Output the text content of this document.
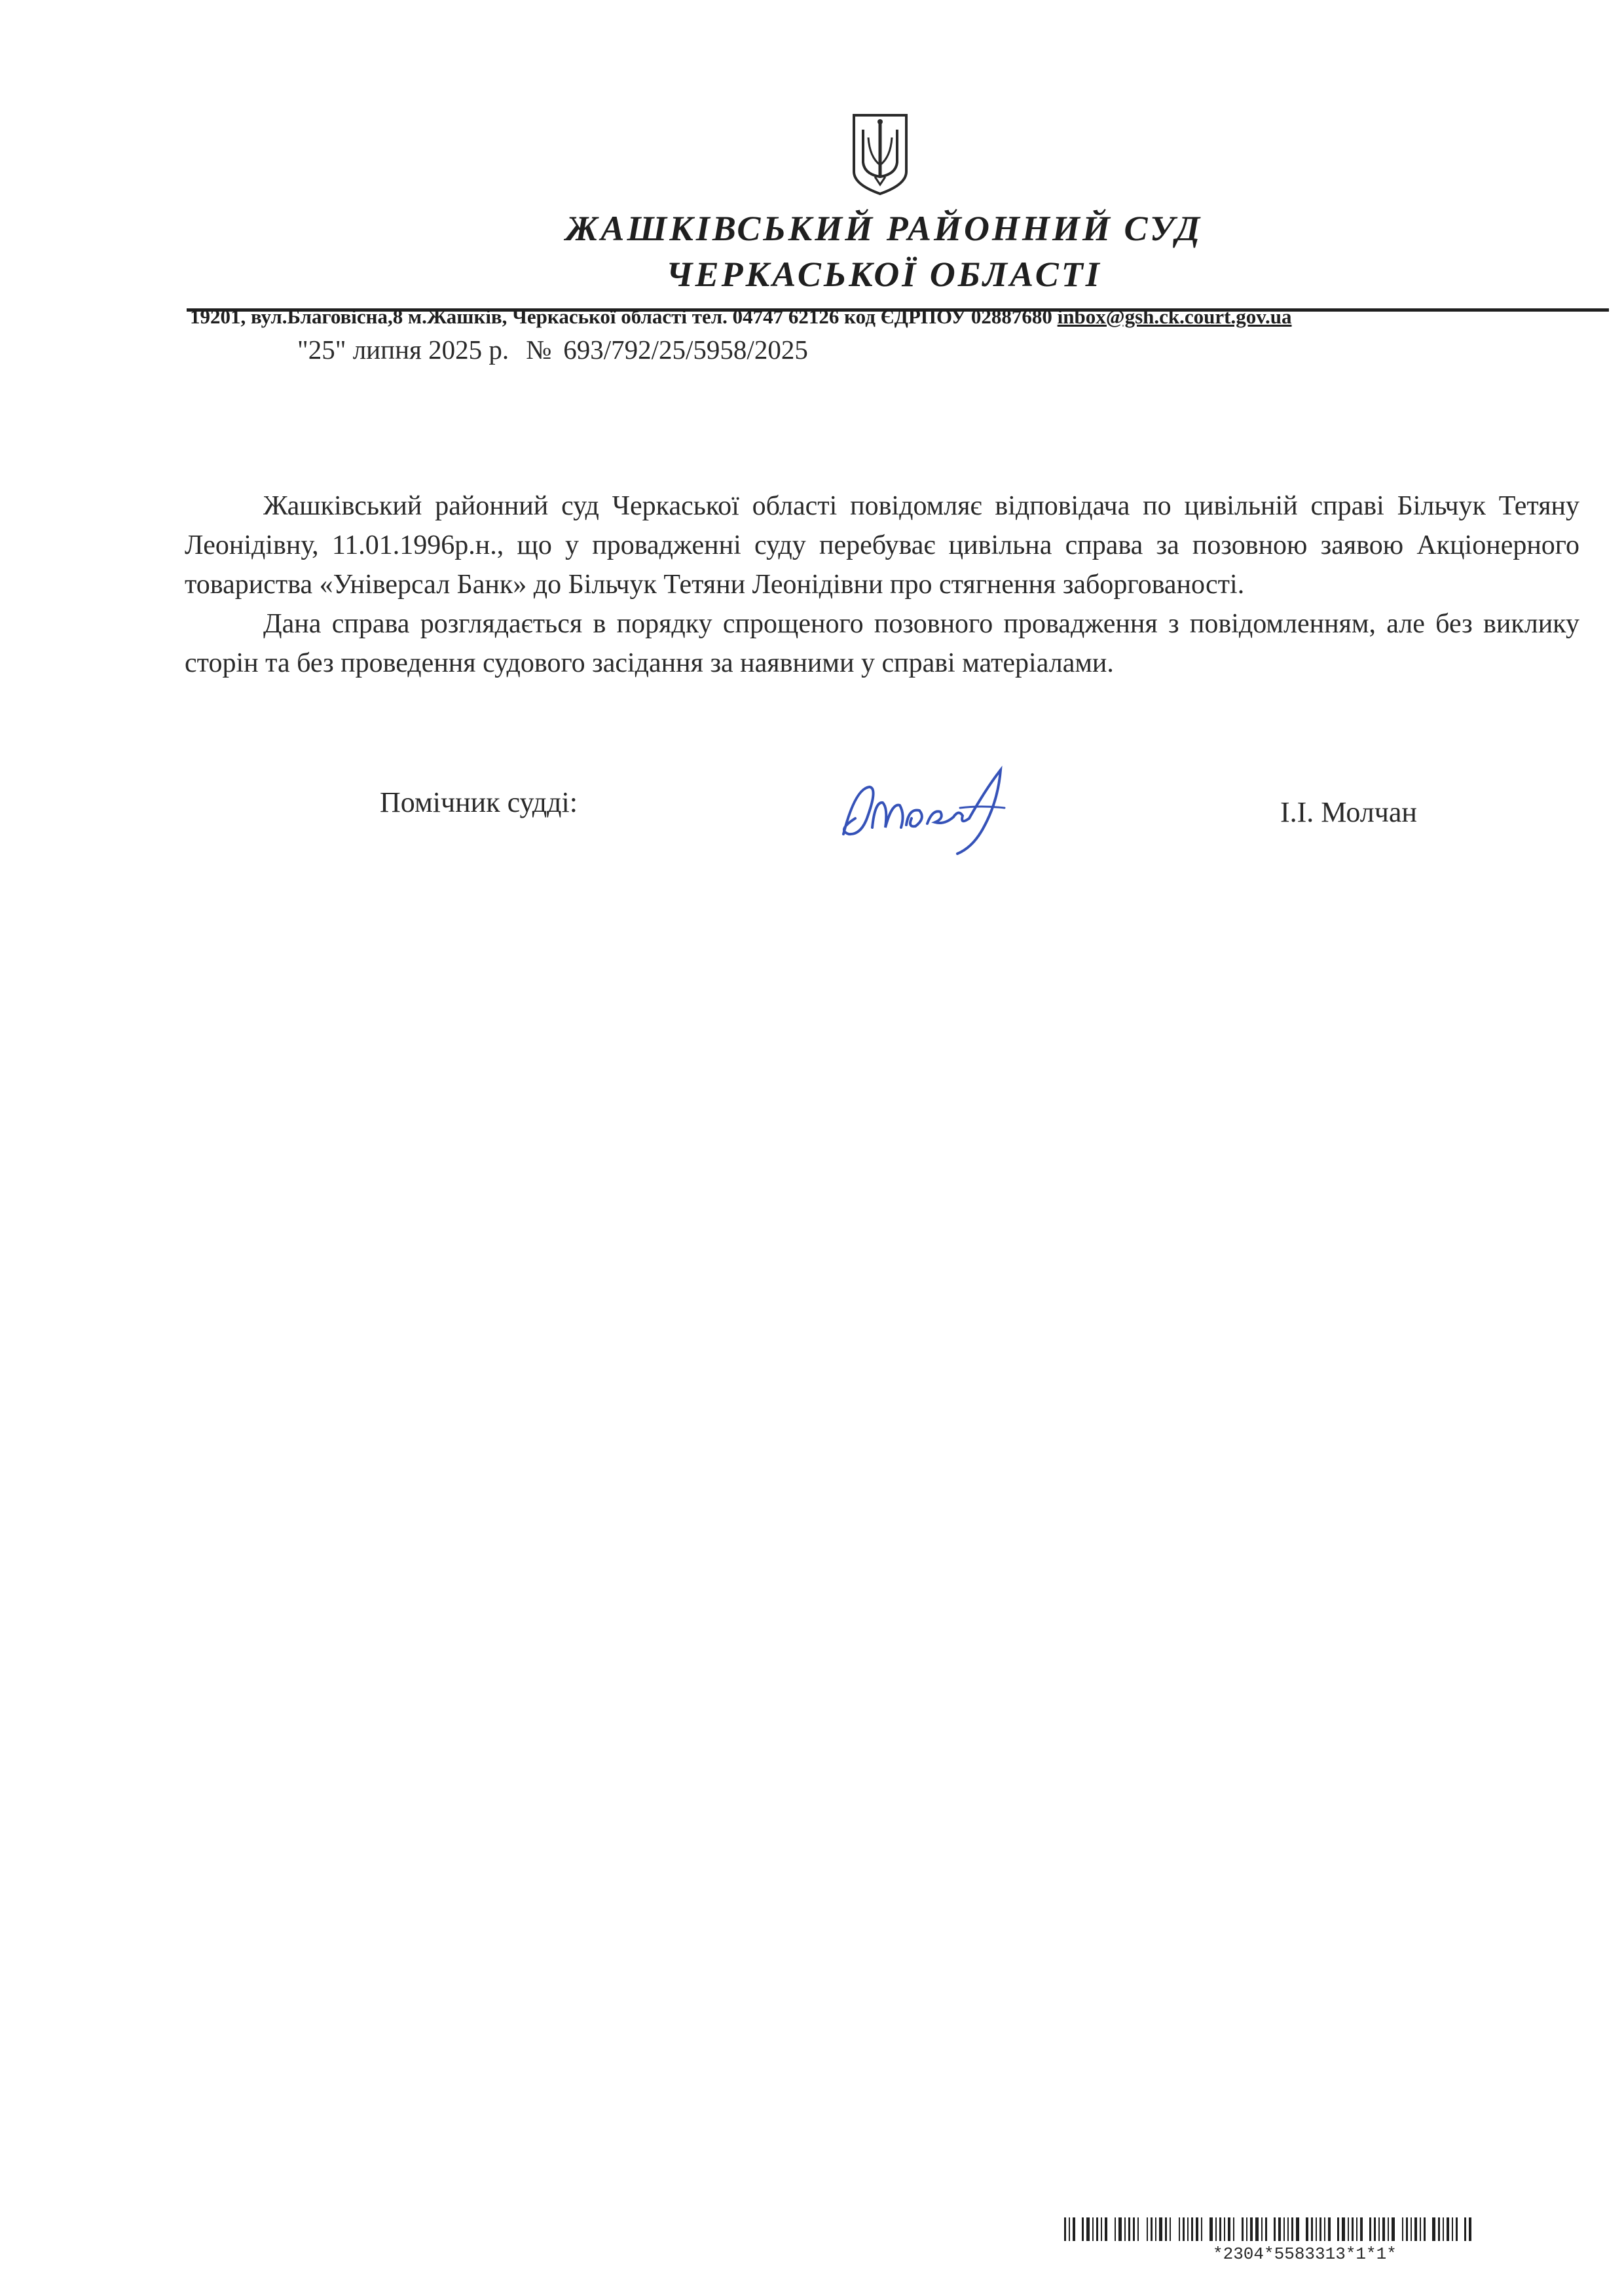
ЖАШКІВСЬКИЙ РАЙОННИЙ СУД
ЧЕРКАСЬКОЇ ОБЛАСТІ
19201, вул.Благовісна,8 м.Жашків, Черкаської області тел. 04747 62126 код ЄДРПОУ 02887680 inbox@gsh.ck.court.gov.ua
"25" липня 2025 р. № 693/792/25/5958/2025

Жашківський районний суд Черкаської області повідомляє відповідача по цивільній справі Більчук Тетяну Леонідівну, 11.01.1996р.н., що у провадженні суду перебуває цивільна справа за позовною заявою Акціонерного товариства «Універсал Банк» до Більчук Тетяни Леонідівни про стягнення заборгованості.

Дана справа розглядається в порядку спрощеного позовного провадження з повідомленням, але без виклику сторін та без проведення судового засідання за наявними у справі матеріалами.

Помічник судді:	І.І. Молчан
*2304*5583313*1*1*
